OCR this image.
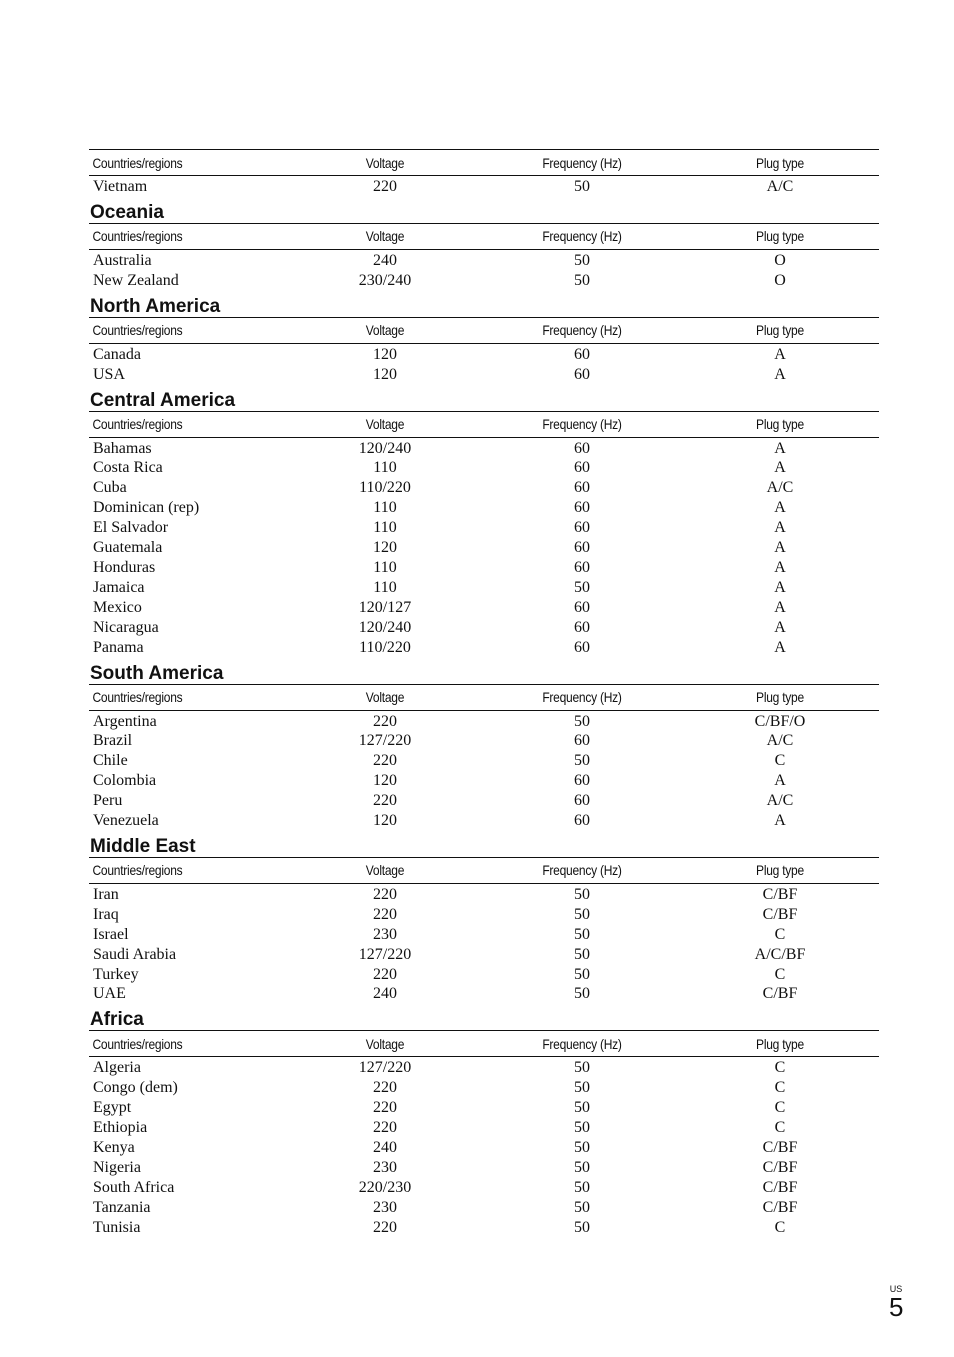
Countries/regions	Voltage	Frequency (Hz)	Plug type
Vietnam	220	50	A/C
Oceania
Countries/regions	Voltage	Frequency (Hz)	Plug type
Australia	240	50	O
New Zealand	230/240	50	O
North America
Countries/regions	Voltage	Frequency (Hz)	Plug type
Canada	120	60	A
USA	120	60	A
Central America
Countries/regions	Voltage	Frequency (Hz)	Plug type
Bahamas	120/240	60	A
Costa Rica	110	60	A
Cuba	110/220	60	A/C
Dominican (rep)	110	60	A
El Salvador	110	60	A
Guatemala	120	60	A
Honduras	110	60	A
Jamaica	110	50	A
Mexico	120/127	60	A
Nicaragua	120/240	60	A
Panama	110/220	60	A
South America
Countries/regions	Voltage	Frequency (Hz)	Plug type
Argentina	220	50	C/BF/O
Brazil	127/220	60	A/C
Chile	220	50	C
Colombia	120	60	A
Peru	220	60	A/C
Venezuela	120	60	A
Middle East
Countries/regions	Voltage	Frequency (Hz)	Plug type
Iran	220	50	C/BF
Iraq	220	50	C/BF
Israel	230	50	C
Saudi Arabia	127/220	50	A/C/BF
Turkey	220	50	C
UAE	240	50	C/BF
Africa
Countries/regions	Voltage	Frequency (Hz)	Plug type
Algeria	127/220	50	C
Congo (dem)	220	50	C
Egypt	220	50	C
Ethiopia	220	50	C
Kenya	240	50	C/BF
Nigeria	230	50	C/BF
South Africa	220/230	50	C/BF
Tanzania	230	50	C/BF
Tunisia	220	50	C
US
5
